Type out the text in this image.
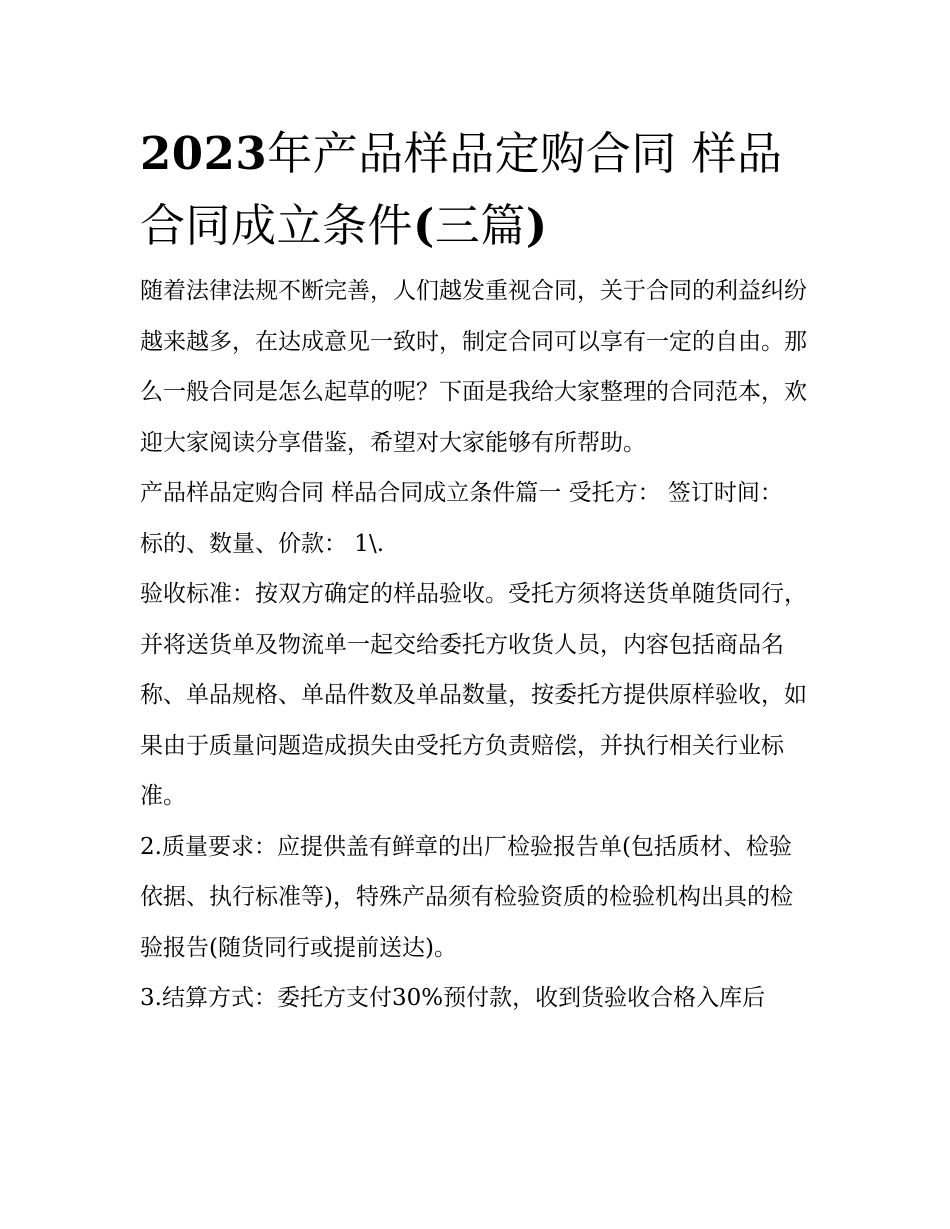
2023年产品样品定购合同 样品合同成立条件(三篇)

随着法律法规不断完善，人们越发重视合同，关于合同的利益纠纷越来越多，在达成意见一致时，制定合同可以享有一定的自由。那么一般合同是怎么起草的呢？下面是我给大家整理的合同范本，欢迎大家阅读分享借鉴，希望对大家能够有所帮助。

产品样品定购合同 样品合同成立条件篇一 受托方： 签订时间： 标的、数量、价款： 1\.

验收标准：按双方确定的样品验收。受托方须将送货单随货同行，并将送货单及物流单一起交给委托方收货人员，内容包括商品名称、单品规格、单品件数及单品数量，按委托方提供原样验收，如果由于质量问题造成损失由受托方负责赔偿，并执行相关行业标准。

2.质量要求：应提供盖有鲜章的出厂检验报告单(包括质材、检验依据、执行标准等)，特殊产品须有检验资质的检验机构出具的检验报告(随货同行或提前送达)。

3.结算方式：委托方支付30%预付款，收到货验收合格入库后
